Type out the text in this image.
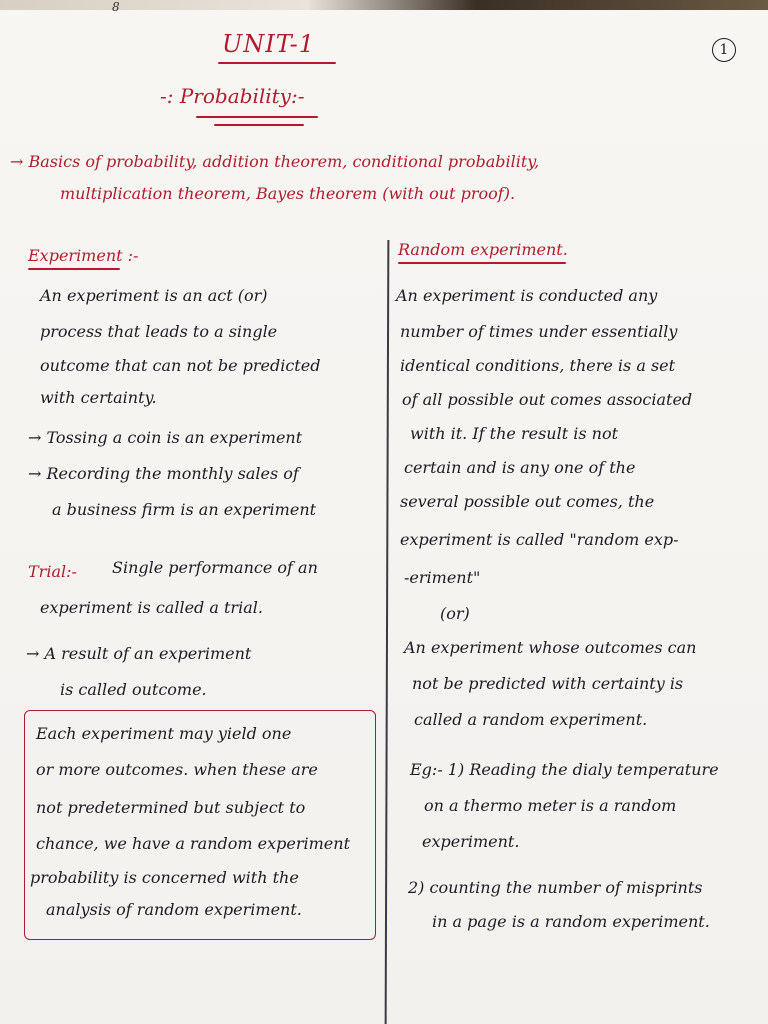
8
UNIT-1	1
-: Probability:-
→ Basics of probability, addition theorem, conditional probability,
multiplication theorem, Bayes theorem (with out proof).
Experiment :-
An experiment is an act (or)
process that leads to a single
outcome that can not be predicted
with certainty.
→ Tossing a coin is an experiment
→ Recording the monthly sales of
a business firm is an experiment
Trial:- Single performance of an
experiment is called a trial.
→ A result of an experiment
is called outcome.
Each experiment may yield one
or more outcomes. when these are
not predetermined but subject to
chance, we have a random experiment
probability is concerned with the
analysis of random experiment.
Random experiment.
An experiment is conducted any
number of times under essentially
identical conditions, there is a set
of all possible out comes associated
with it. If the result is not
certain and is any one of the
several possible out comes, the
experiment is called "random exp-
-eriment"
(or)
An experiment whose outcomes can
not be predicted with certainty is
called a random experiment.
Eg:- 1) Reading the dialy temperature
on a thermo meter is a random
experiment.
2) counting the number of misprints
in a page is a random experiment.
